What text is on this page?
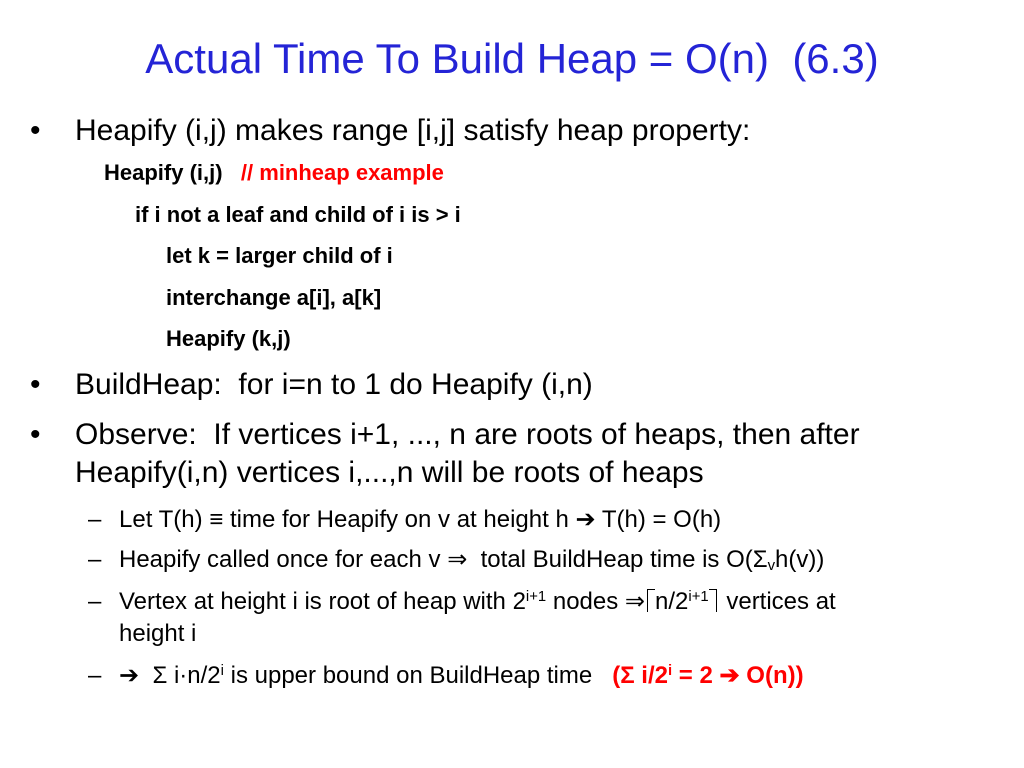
Actual Time To Build Heap = O(n)  (6.3)
• Heapify (i,j) makes range [i,j] satisfy heap property:
Heapify (i,j) // minheap example
if i not a leaf and child of i is > i
let k = larger child of i
interchange a[i], a[k]
Heapify (k,j)
• BuildHeap:  for i=n to 1 do Heapify (i,n)
• Observe:  If vertices i+1, ..., n are roots of heaps, then after
Heapify(i,n) vertices i,...,n will be roots of heaps
– Let T(h) ≡ time for Heapify on v at height h ➔ T(h) = O(h)
– Heapify called once for each v ⇒  total BuildHeap time is $O(\Sigma_vh(v))$
– Vertex at height i is root of heap with $2^{i+1}$ nodes ⇒ $n/2^{i+1}$ vertices at
height i
– ➔ Σ $i\cdot n/2^i$ is upper bound on BuildHeap time (Σ $i/2^i = 2$ ➔ O(n))
